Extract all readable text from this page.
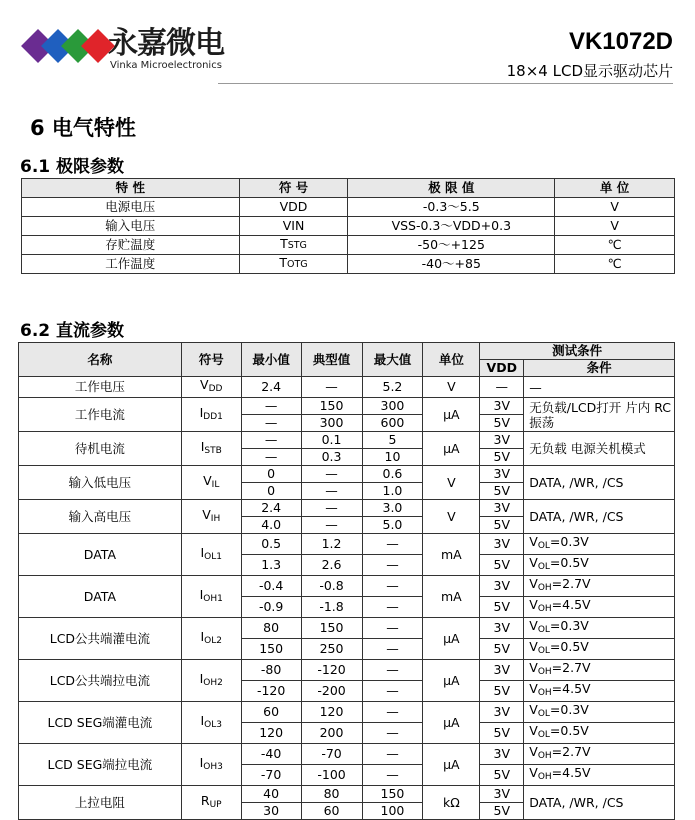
永嘉微电
Vinka Microelectronics
VK1072D
18×4 LCD显示驱动芯片
6 电气特性
6.1 极限参数
特 性	符 号	极 限 值	单 位
电源电压	VDD	-0.3～5.5	V
输入电压	VIN	VSS-0.3～VDD+0.3	V
存贮温度	TSTG	-50～+125	℃
工作温度	TOTG	-40～+85	℃
6.2 直流参数
名称	符号	最小值	典型值	最大值	单位	测试条件	
						VDD	条件
工作电压	$V_{DD}$	2.4	—	5.2	V	—	—
工作电流	$I_{DD1}$	—	150	300	μA	3V	无负载/LCD打开 片内 RC振荡
		—	300	600		5V	
待机电流	$I_{STB}$	—	0.1	5	μA	3V	无负载 电源关机模式
		—	0.3	10		5V	
输入低电压	$V_{IL}$	0	—	0.6	V	3V	DATA, /WR, /CS
		0	—	1.0		5V	
输入高电压	$V_{IH}$	2.4	—	3.0	V	3V	DATA, /WR, /CS
		4.0	—	5.0		5V	
DATA	$I_{OL1}$	0.5	1.2	—	mA	3V	$V_{OL}=0.3V$
		1.3	2.6	—		5V	$V_{OL}=0.5V$
DATA	$I_{OH1}$	-0.4	-0.8	—	mA	3V	$V_{OH}=2.7V$
		-0.9	-1.8	—		5V	$V_{OH}=4.5V$
LCD公共端灌电流	$I_{OL2}$	80	150	—	μA	3V	$V_{OL}=0.3V$
		150	250	—		5V	$V_{OL}=0.5V$
LCD公共端拉电流	$I_{OH2}$	-80	-120	—	μA	3V	$V_{OH}=2.7V$
		-120	-200	—		5V	$V_{OH}=4.5V$
LCD SEG端灌电流	$I_{OL3}$	60	120	—	μA	3V	$V_{OL}=0.3V$
		120	200	—		5V	$V_{OL}=0.5V$
LCD SEG端拉电流	$I_{OH3}$	-40	-70	—	μA	3V	$V_{OH}=2.7V$
		-70	-100	—		5V	$V_{OH}=4.5V$
上拉电阻	$R_{UP}$	40	80	150	kΩ	3V	DATA, /WR, /CS
		30	60	100		5V	
